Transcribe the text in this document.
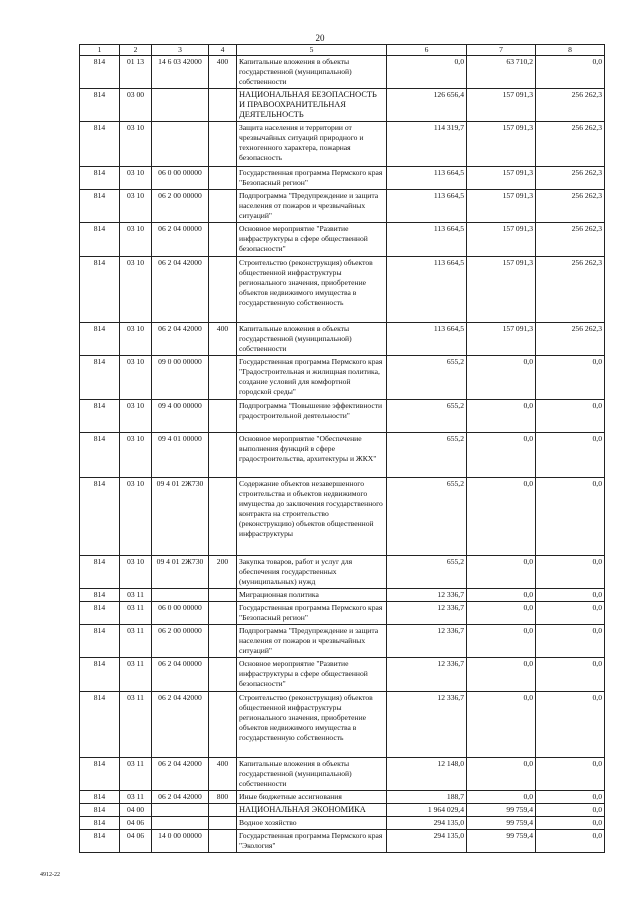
20
1	2	3	4	5	6	7	8
814	01 13	14 6 03 42000	400	Капитальные вложения в объекты государственной (муниципальной) собственности	0,0	63 710,2	0,0
814	03 00			НАЦИОНАЛЬНАЯ БЕЗОПАСНОСТЬ И ПРАВООХРАНИТЕЛЬНАЯ ДЕЯТЕЛЬНОСТЬ	126 656,4	157 091,3	256 262,3
814	03 10			Защита населения и территории от чрезвычайных ситуаций природного и техногенного характера, пожарная безопасность	114 319,7	157 091,3	256 262,3
814	03 10	06 0 00 00000		Государственная программа Пермского края "Безопасный регион"	113 664,5	157 091,3	256 262,3
814	03 10	06 2 00 00000		Подпрограмма "Предупреждение и защита населения от пожаров и чрезвычайных ситуаций"	113 664,5	157 091,3	256 262,3
814	03 10	06 2 04 00000		Основное мероприятие "Развитие инфраструктуры в сфере общественной безопасности"	113 664,5	157 091,3	256 262,3
814	03 10	06 2 04 42000		Строительство (реконструкция) объектов общественной инфраструктуры регионального значения, приобретение объектов недвижимого имущества в государственную собственность	113 664,5	157 091,3	256 262,3
814	03 10	06 2 04 42000	400	Капитальные вложения в объекты государственной (муниципальной) собственности	113 664,5	157 091,3	256 262,3
814	03 10	09 0 00 00000		Государственная программа Пермского края "Градостроительная и жилищная политика, создание условий для комфортной городской среды"	655,2	0,0	0,0
814	03 10	09 4 00 00000		Подпрограмма "Повышение эффективности градостроительной деятельности"	655,2	0,0	0,0
814	03 10	09 4 01 00000		Основное мероприятие "Обеспечение выполнения функций в сфере градостроительства, архитектуры и ЖКХ"	655,2	0,0	0,0
814	03 10	09 4 01 2Ж730		Содержание объектов незавершенного строительства и объектов недвижимого имущества до заключения государственного контракта на строительство (реконструкцию) объектов общественной инфраструктуры	655,2	0,0	0,0
814	03 10	09 4 01 2Ж730	200	Закупка товаров, работ и услуг для обеспечения государственных (муниципальных) нужд	655,2	0,0	0,0
814	03 11			Миграционная политика	12 336,7	0,0	0,0
814	03 11	06 0 00 00000		Государственная программа Пермского края "Безопасный регион"	12 336,7	0,0	0,0
814	03 11	06 2 00 00000		Подпрограмма "Предупреждение и защита населения от пожаров и чрезвычайных ситуаций"	12 336,7	0,0	0,0
814	03 11	06 2 04 00000		Основное мероприятие "Развитие инфраструктуры в сфере общественной безопасности"	12 336,7	0,0	0,0
814	03 11	06 2 04 42000		Строительство (реконструкция) объектов общественной инфраструктуры регионального значения, приобретение объектов недвижимого имущества в государственную собственность	12 336,7	0,0	0,0
814	03 11	06 2 04 42000	400	Капитальные вложения в объекты государственной (муниципальной) собственности	12 148,0	0,0	0,0
814	03 11	06 2 04 42000	800	Иные бюджетные ассигнования	188,7	0,0	0,0
814	04 00			НАЦИОНАЛЬНАЯ ЭКОНОМИКА	1 964 029,4	99 759,4	0,0
814	04 06			Водное хозяйство	294 135,0	99 759,4	0,0
814	04 06	14 0 00 00000		Государственная программа Пермского края "Экология"	294 135,0	99 759,4	0,0
4912-22
